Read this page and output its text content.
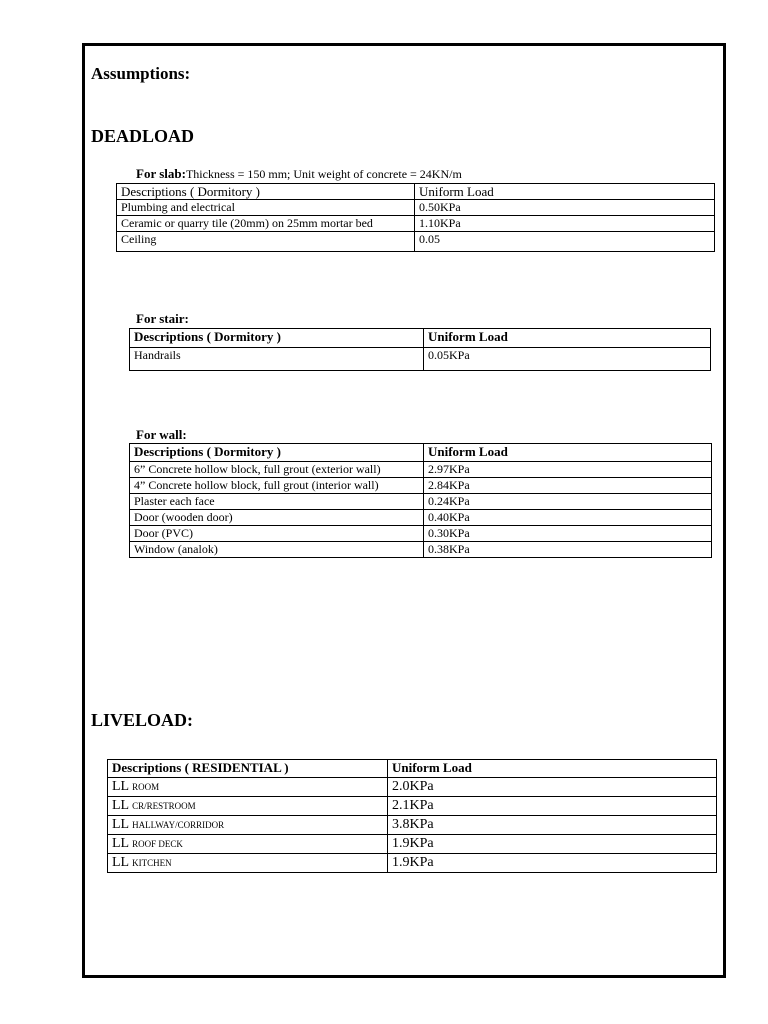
Assumptions:
DEADLOAD
For slab:Thickness = 150 mm; Unit weight of concrete = 24KN/m
Descriptions ( Dormitory )	Uniform Load
Plumbing and electrical	0.50KPa
Ceramic or quarry tile (20mm) on 25mm mortar bed	1.10KPa
Ceiling	0.05
For stair:
Descriptions ( Dormitory )	Uniform Load
Handrails	0.05KPa
For wall:
Descriptions ( Dormitory )	Uniform Load
6” Concrete hollow block, full grout (exterior wall)	2.97KPa
4” Concrete hollow block, full grout (interior wall)	2.84KPa
Plaster each face	0.24KPa
Door (wooden door)	0.40KPa
Door (PVC)	0.30KPa
Window (analok)	0.38KPa
LIVELOAD:
Descriptions ( RESIDENTIAL )	Uniform Load
LL ROOM	2.0KPa
LL CR/RESTROOM	2.1KPa
LL HALLWAY/CORRIDOR	3.8KPa
LL ROOF DECK	1.9KPa
LL KITCHEN	1.9KPa
